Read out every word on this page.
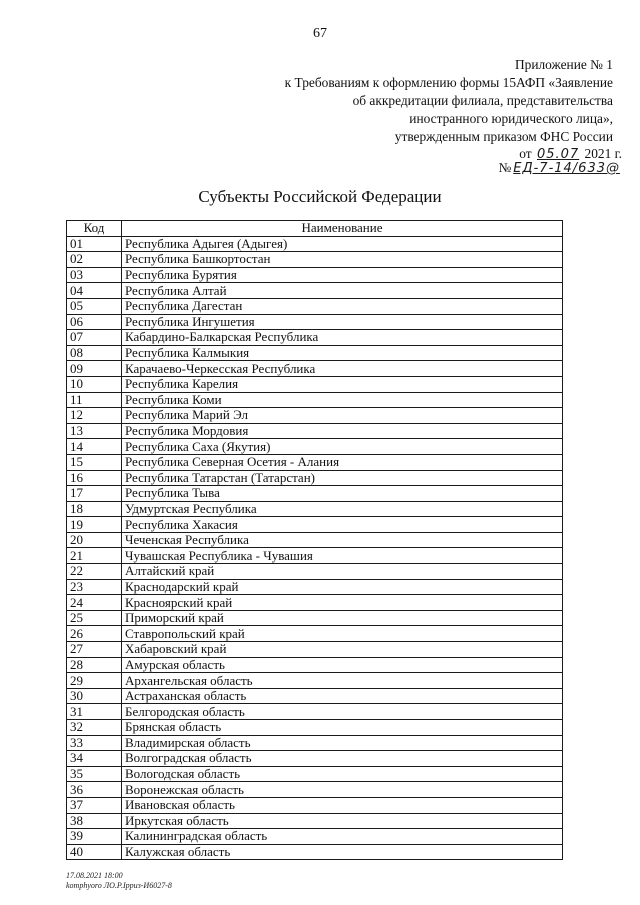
67
Приложение № 1
к Требованиям к оформлению формы 15АФП «Заявление
об аккредитации филиала, представительства
иностранного юридического лица»,
утвержденным приказом ФНС России
от 05.07 2021 г.
№ ЕД-7-14/633@
Субъекты Российской Федерации
Код	Наименование
01	Республика Адыгея (Адыгея)
02	Республика Башкортостан
03	Республика Бурятия
04	Республика Алтай
05	Республика Дагестан
06	Республика Ингушетия
07	Кабардино-Балкарская Республика
08	Республика Калмыкия
09	Карачаево-Черкесская Республика
10	Республика Карелия
11	Республика Коми
12	Республика Марий Эл
13	Республика Мордовия
14	Республика Саха (Якутия)
15	Республика Северная Осетия - Алания
16	Республика Татарстан (Татарстан)
17	Республика Тыва
18	Удмуртская Республика
19	Республика Хакасия
20	Чеченская Республика
21	Чувашская Республика - Чувашия
22	Алтайский край
23	Краснодарский край
24	Красноярский край
25	Приморский край
26	Ставропольский край
27	Хабаровский край
28	Амурская область
29	Архангельская область
30	Астраханская область
31	Белгородская область
32	Брянская область
33	Владимирская область
34	Волгоградская область
35	Вологодская область
36	Воронежская область
37	Ивановская область
38	Иркутская область
39	Калининградская область
40	Калужская область
17.08.2021 18:00
komphyoro ЛО.Р.Ірриз-И6027-8
